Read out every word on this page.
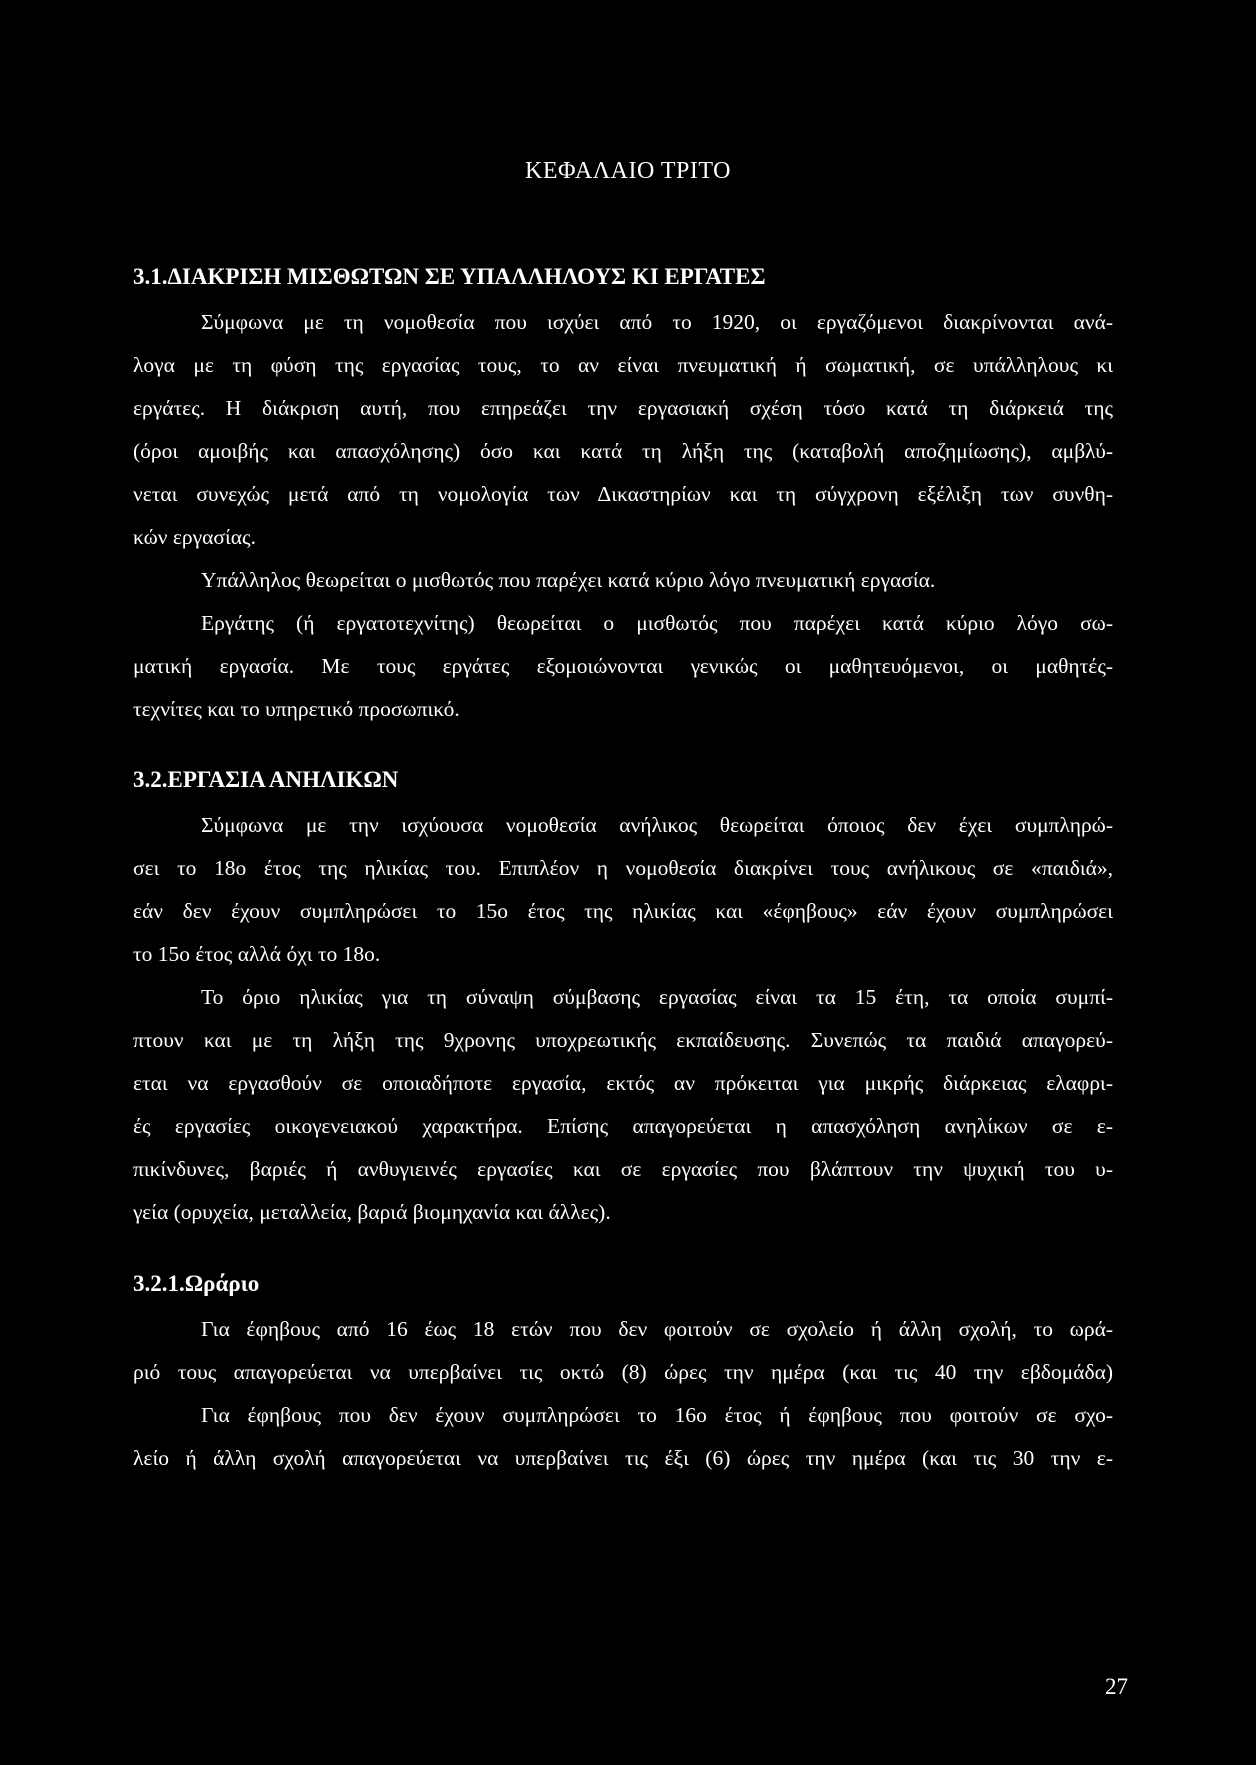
ΚΕΦΑΛΑΙΟ ΤΡΙΤΟ
3.1.ΔΙΑΚΡΙΣΗ ΜΙΣΘΩΤΩΝ ΣΕ ΥΠΑΛΛΗΛΟΥΣ ΚΙ ΕΡΓΑΤΕΣ
Σύμφωνα με τη νομοθεσία που ισχύει από το 1920, οι εργαζόμενοι διακρίνονται ανά-
λογα με τη φύση της εργασίας τους, το αν είναι πνευματική ή σωματική, σε υπάλληλους κι
εργάτες. Η διάκριση αυτή, που επηρεάζει την εργασιακή σχέση τόσο κατά τη διάρκειά της
(όροι αμοιβής και απασχόλησης) όσο και κατά τη λήξη της (καταβολή αποζημίωσης), αμβλύ-
νεται συνεχώς μετά από τη νομολογία των Δικαστηρίων και τη σύγχρονη εξέλιξη των συνθη-
κών εργασίας.
Υπάλληλος θεωρείται ο μισθωτός που παρέχει κατά κύριο λόγο πνευματική εργασία.
Εργάτης (ή εργατοτεχνίτης) θεωρείται ο μισθωτός που παρέχει κατά κύριο λόγο σω-
ματική εργασία. Με τους εργάτες εξομοιώνονται γενικώς οι μαθητευόμενοι, οι μαθητές-
τεχνίτες και το υπηρετικό προσωπικό.
3.2.ΕΡΓΑΣΙΑ ΑΝΗΛΙΚΩΝ
Σύμφωνα με την ισχύουσα νομοθεσία ανήλικος θεωρείται όποιος δεν έχει συμπληρώ-
σει το 18ο έτος της ηλικίας του. Επιπλέον η νομοθεσία διακρίνει τους ανήλικους σε «παιδιά»,
εάν δεν έχουν συμπληρώσει το 15ο έτος της ηλικίας και «έφηβους» εάν έχουν συμπληρώσει
το 15ο έτος αλλά όχι το 18ο.
Το όριο ηλικίας για τη σύναψη σύμβασης εργασίας είναι τα 15 έτη, τα οποία συμπί-
πτουν και με τη λήξη της 9χρονης υποχρεωτικής εκπαίδευσης. Συνεπώς τα παιδιά απαγορεύ-
εται να εργασθούν σε οποιαδήποτε εργασία, εκτός αν πρόκειται για μικρής διάρκειας ελαφρι-
ές εργασίες οικογενειακού χαρακτήρα. Επίσης απαγορεύεται η απασχόληση ανηλίκων σε ε-
πικίνδυνες, βαριές ή ανθυγιεινές εργασίες και σε εργασίες που βλάπτουν την ψυχική του υ-
γεία (ορυχεία, μεταλλεία, βαριά βιομηχανία και άλλες).
3.2.1.Ωράριο
Για έφηβους από 16 έως 18 ετών που δεν φοιτούν σε σχολείο ή άλλη σχολή, το ωρά-
ριό τους απαγορεύεται να υπερβαίνει τις οκτώ (8) ώρες την ημέρα (και τις 40 την εβδομάδα)
Για έφηβους που δεν έχουν συμπληρώσει το 16ο έτος ή έφηβους που φοιτούν σε σχο-
λείο ή άλλη σχολή απαγορεύεται να υπερβαίνει τις έξι (6) ώρες την ημέρα (και τις 30 την ε-
27
